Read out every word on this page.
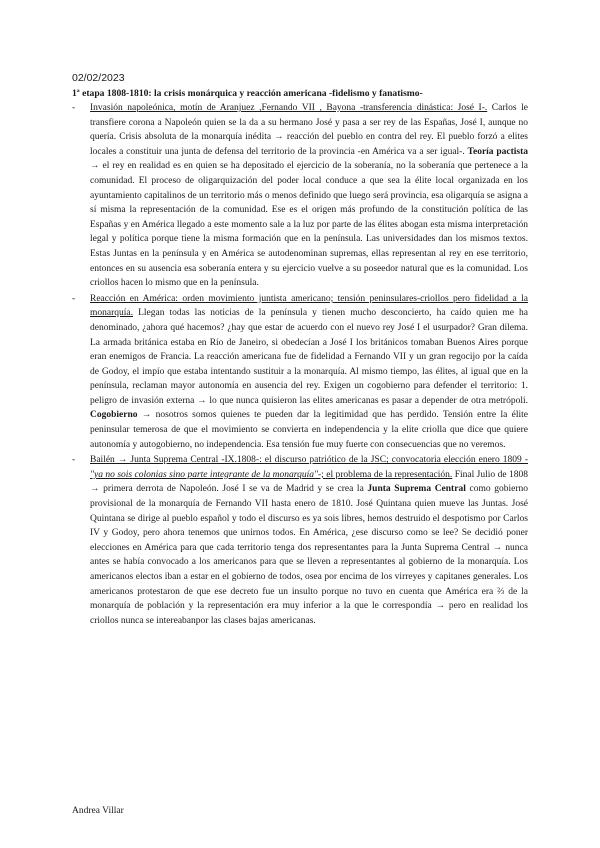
02/02/2023
1ª etapa 1808-1810: la crisis monárquica y reacción americana -fidelismo y fanatismo-
- Invasión napoleónica, motín de Aranjuez ,Fernando VII , Bayona -transferencia dinástica: José I-. Carlos le transfiere corona a Napoleón quien se la da a su hermano José y pasa a ser rey de las Españas, José I, aunque no quería. Crisis absoluta de la monarquía inédita → reacción del pueblo en contra del rey. El pueblo forzó a elites locales a constituir una junta de defensa del territorio de la provincia -en América va a ser igual-. Teoría pactista → el rey en realidad es en quien se ha depositado el ejercicio de la soberanía, no la soberanía que pertenece a la comunidad. El proceso de oligarquización del poder local conduce a que sea la élite local organizada en los ayuntamiento capitalinos de un territorio más o menos definido que luego será provincia, esa oligarquía se asigna a sí misma la representación de la comunidad. Ese es el origen más profundo de la constitución política de las Españas y en América llegado a este momento sale a la luz por parte de las élites abogan esta misma interpretación legal y política porque tiene la misma formación que en la península. Las universidades dan los mismos textos. Estas Juntas en la península y en América se autodenominan supremas, ellas representan al rey en ese territorio, entonces en su ausencia esa soberanía entera y su ejercicio vuelve a su poseedor natural que es la comunidad. Los criollos hacen lo mismo que en la península.
- Reacción en América: orden movimiento juntista americano; tensión peninsulares-criollos pero fidelidad a la monarquía. Llegan todas las noticias de la península y tienen mucho desconcierto, ha caído quien me ha denominado, ¿ahora qué hacemos? ¿hay que estar de acuerdo con el nuevo rey José I el usurpador? Gran dilema. La armada británica estaba en Río de Janeiro, si obedecían a José I los británicos tomaban Buenos Aires porque eran enemigos de Francia. La reacción americana fue de fidelidad a Fernando VII y un gran regocijo por la caída de Godoy, el impío que estaba intentando sustituir a la monarquía. Al mismo tiempo, las élites, al igual que en la península, reclaman mayor autonomía en ausencia del rey. Exigen un cogobierno para defender el territorio: 1. peligro de invasión externa → lo que nunca quisieron las elites americanas es pasar a depender de otra metrópoli. Cogobierno → nosotros somos quienes te pueden dar la legitimidad que has perdido. Tensión entre la élite peninsular temerosa de que el movimiento se convierta en independencia y la elite criolla que dice que quiere autonomía y autogobierno, no independencia. Esa tensión fue muy fuerte con consecuencias que no veremos.
- Bailén → Junta Suprema Central -IX.1808-: el discurso patriótico de la JSC; convocatoria elección enero 1809 -"ya no sois colonias sino parte integrante de la monarquía"-; el problema de la representación. Final Julio de 1808 → primera derrota de Napoleón. José I se va de Madrid y se crea la Junta Suprema Central como gobierno provisional de la monarquía de Fernando VII hasta enero de 1810. José Quintana quien mueve las Juntas. José Quintana se dirige al pueblo español y todo el discurso es ya sois libres, hemos destruido el despotismo por Carlos IV y Godoy, pero ahora tenemos que unirnos todos. En América, ¿ese discurso como se lee? Se decidió poner elecciones en América para que cada territorio tenga dos representantes para la Junta Suprema Central → nunca antes se había convocado a los americanos para que se lleven a representantes al gobierno de la monarquía. Los americanos electos iban a estar en el gobierno de todos, osea por encima de los virreyes y capitanes generales. Los americanos protestaron de que ese decreto fue un insulto porque no tuvo en cuenta que América era ⅔ de la monarquía de población y la representación era muy inferior a la que le correspondía → pero en realidad los criollos nunca se intereabanpor las clases bajas americanas.
Andrea Villar
